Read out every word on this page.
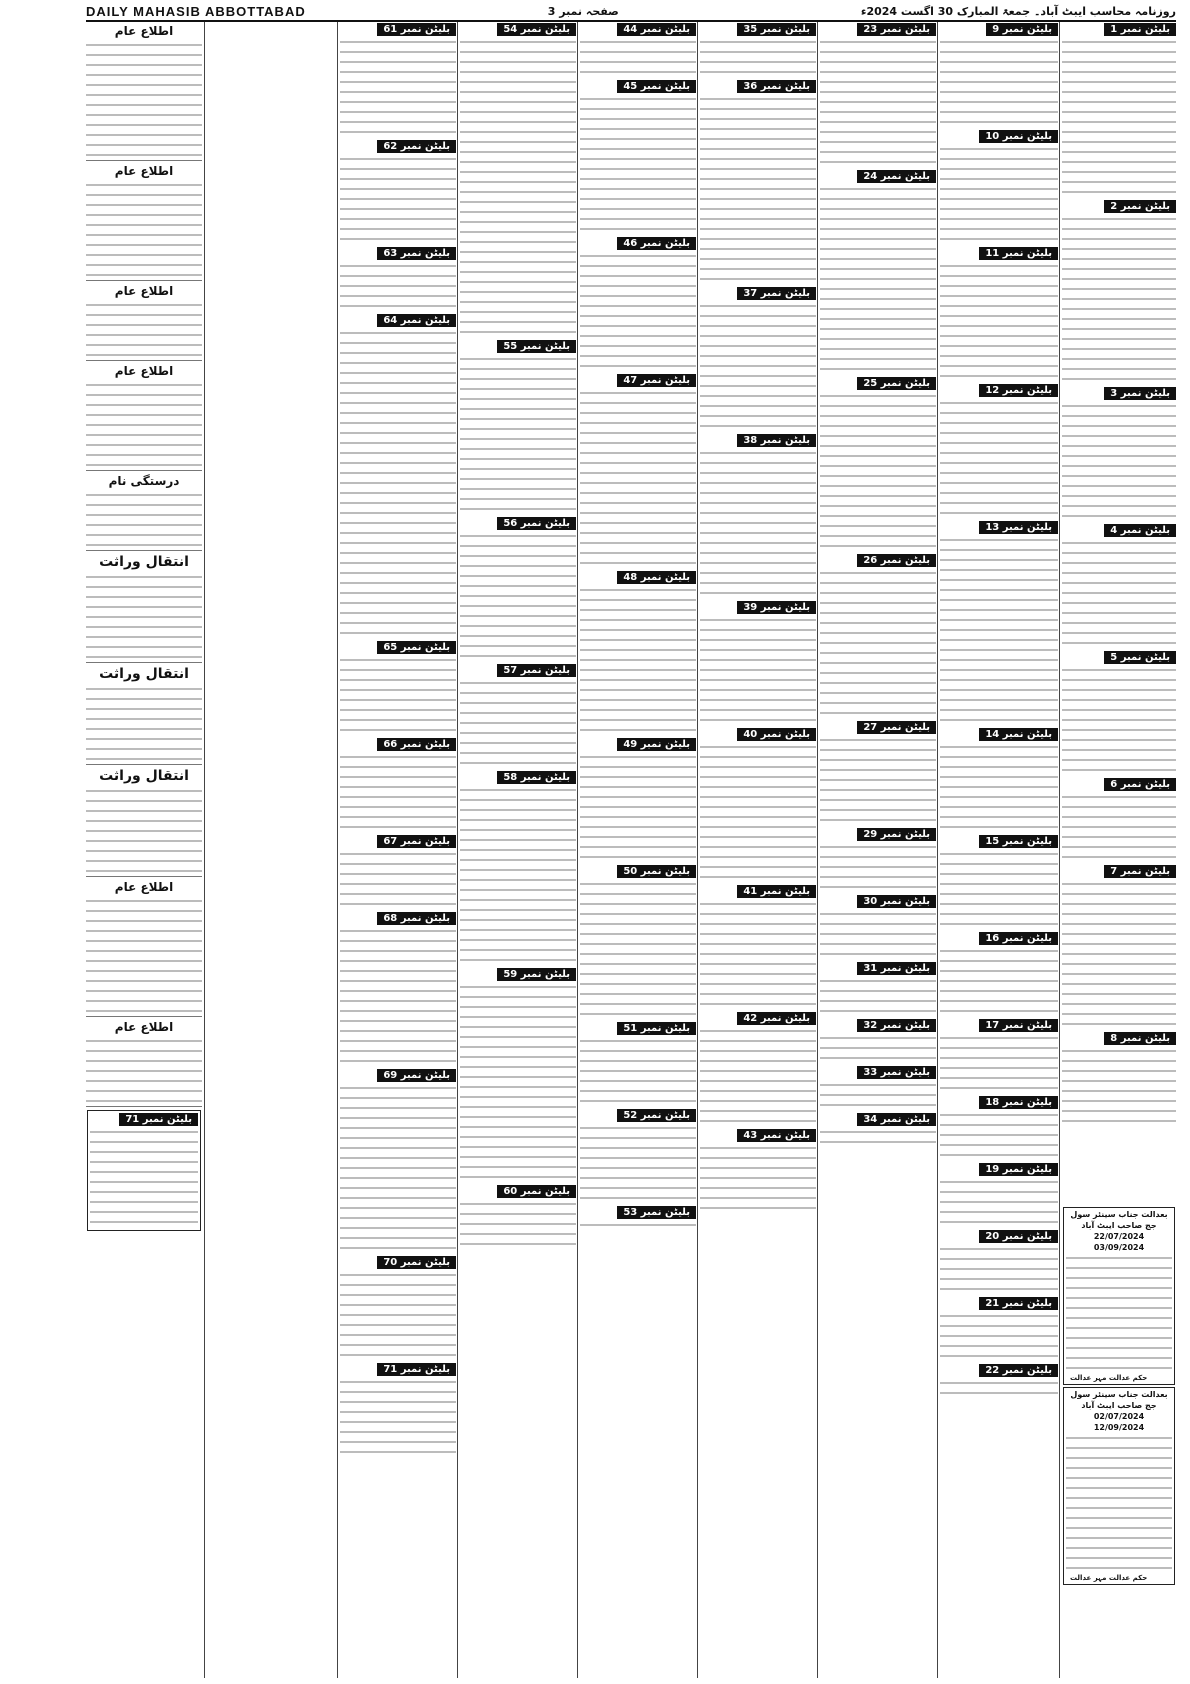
DAILY MAHASIB ABBOTTABAD	صفحہ نمبر 3	روزنامہ محاسب ایبٹ آباد۔ جمعۃ المبارک 30 اگست 2024ء
اطلاع عام
اطلاع عام
اطلاع عام
اطلاع عام
درستگی نام
انتقال وراثت
انتقال وراثت
انتقال وراثت
اطلاع عام
اطلاع عام
بلیٹن نمبر 71
بلیٹن نمبر 1
بلیٹن نمبر 2
بلیٹن نمبر 3
بلیٹن نمبر 4
بلیٹن نمبر 5
بلیٹن نمبر 6
بلیٹن نمبر 7
بلیٹن نمبر 8
بلیٹن نمبر 9
بلیٹن نمبر 10
بلیٹن نمبر 11
بلیٹن نمبر 12
بلیٹن نمبر 13
بلیٹن نمبر 14
بلیٹن نمبر 15
بلیٹن نمبر 16
بلیٹن نمبر 17
بلیٹن نمبر 18
بلیٹن نمبر 19
بلیٹن نمبر 20
بلیٹن نمبر 21
بلیٹن نمبر 22
بلیٹن نمبر 23
بلیٹن نمبر 24
بلیٹن نمبر 25
بلیٹن نمبر 26
بلیٹن نمبر 27
بلیٹن نمبر 29
بلیٹن نمبر 30
بلیٹن نمبر 31
بلیٹن نمبر 32
بلیٹن نمبر 33
بلیٹن نمبر 34
بلیٹن نمبر 35
بلیٹن نمبر 36
بلیٹن نمبر 37
بلیٹن نمبر 38
بلیٹن نمبر 39
بلیٹن نمبر 40
بلیٹن نمبر 41
بلیٹن نمبر 42
بلیٹن نمبر 43
بلیٹن نمبر 44
بلیٹن نمبر 45
بلیٹن نمبر 46
بلیٹن نمبر 47
بلیٹن نمبر 48
بلیٹن نمبر 49
بلیٹن نمبر 50
بلیٹن نمبر 51
بلیٹن نمبر 52
بلیٹن نمبر 53
بلیٹن نمبر 54
بلیٹن نمبر 55
بلیٹن نمبر 56
بلیٹن نمبر 57
بلیٹن نمبر 58
بلیٹن نمبر 59
بلیٹن نمبر 60
بلیٹن نمبر 61
بلیٹن نمبر 62
بلیٹن نمبر 63
بلیٹن نمبر 64
بلیٹن نمبر 65
بلیٹن نمبر 66
بلیٹن نمبر 67
بلیٹن نمبر 68
بلیٹن نمبر 69
بلیٹن نمبر 70
بلیٹن نمبر 71
بعدالت جناب سینئر سول جج صاحب ایبٹ آباد
22/07/2024
03/09/2024
حکم عدالت مہر عدالت
بعدالت جناب سینئر سول جج صاحب ایبٹ آباد
02/07/2024
12/09/2024
حکم عدالت مہر عدالت
